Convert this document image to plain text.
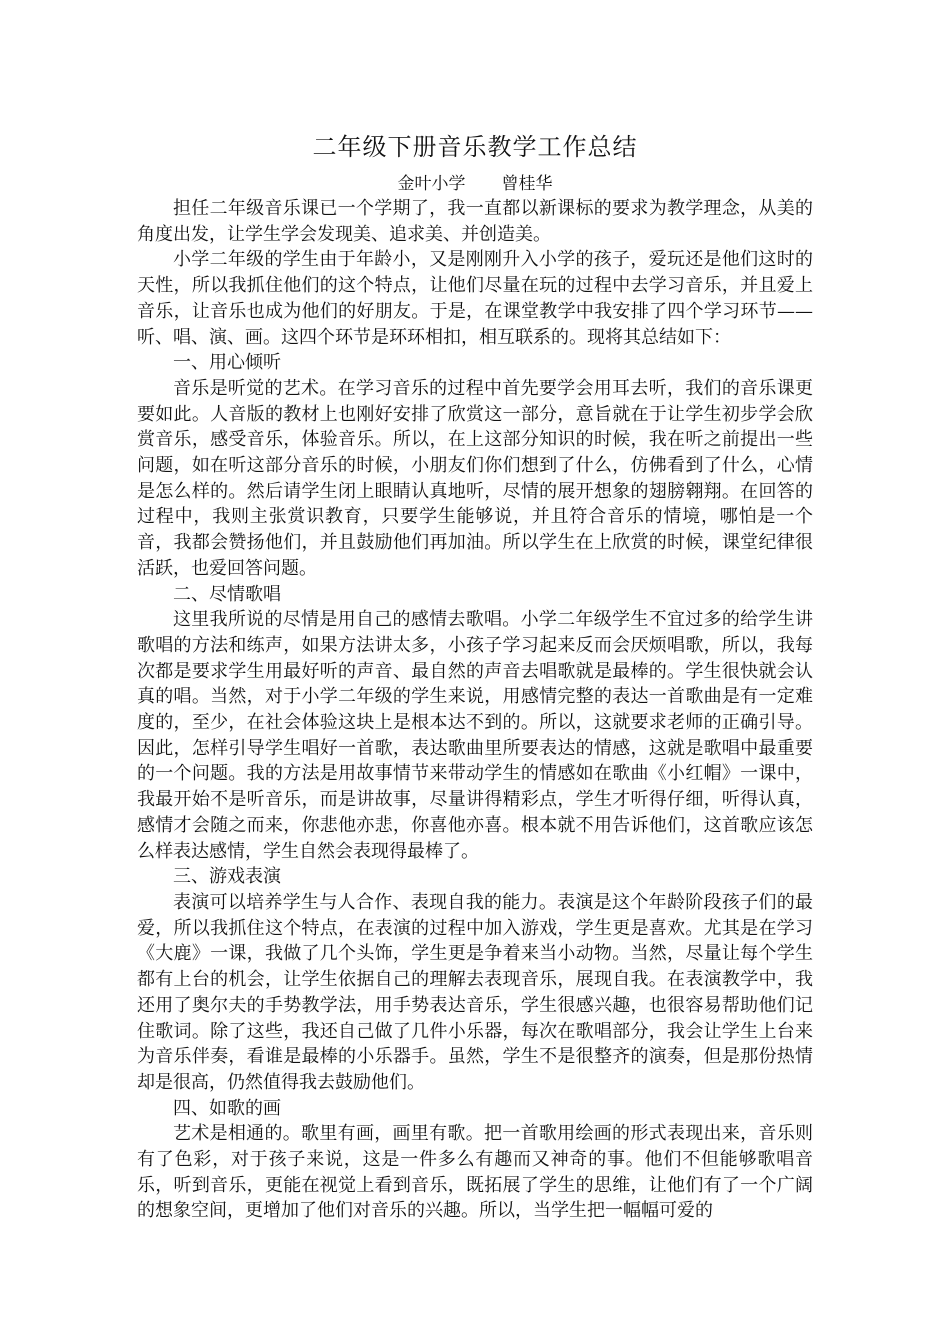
二年级下册音乐教学工作总结

金叶小学 曾桂华

担任二年级音乐课已一个学期了，我一直都以新课标的要求为教学理念，从美的角度出发，让学生学会发现美、追求美、并创造美。

小学二年级的学生由于年龄小，又是刚刚升入小学的孩子，爱玩还是他们这时的天性，所以我抓住他们的这个特点，让他们尽量在玩的过程中去学习音乐，并且爱上音乐，让音乐也成为他们的好朋友。于是，在课堂教学中我安排了四个学习环节——听、唱、演、画。这四个环节是环环相扣，相互联系的。现将其总结如下：

一、用心倾听

音乐是听觉的艺术。在学习音乐的过程中首先要学会用耳去听，我们的音乐课更要如此。人音版的教材上也刚好安排了欣赏这一部分，意旨就在于让学生初步学会欣赏音乐，感受音乐，体验音乐。所以，在上这部分知识的时候，我在听之前提出一些问题，如在听这部分音乐的时候，小朋友们你们想到了什么，仿佛看到了什么，心情是怎么样的。然后请学生闭上眼睛认真地听，尽情的展开想象的翅膀翱翔。在回答的过程中，我则主张赏识教育，只要学生能够说，并且符合音乐的情境，哪怕是一个音，我都会赞扬他们，并且鼓励他们再加油。所以学生在上欣赏的时候，课堂纪律很活跃，也爱回答问题。

二、尽情歌唱

这里我所说的尽情是用自己的感情去歌唱。小学二年级学生不宜过多的给学生讲歌唱的方法和练声，如果方法讲太多，小孩子学习起来反而会厌烦唱歌，所以，我每次都是要求学生用最好听的声音、最自然的声音去唱歌就是最棒的。学生很快就会认真的唱。当然，对于小学二年级的学生来说，用感情完整的表达一首歌曲是有一定难度的，至少，在社会体验这块上是根本达不到的。所以，这就要求老师的正确引导。因此，怎样引导学生唱好一首歌，表达歌曲里所要表达的情感，这就是歌唱中最重要的一个问题。我的方法是用故事情节来带动学生的情感如在歌曲《小红帽》一课中，我最开始不是听音乐，而是讲故事，尽量讲得精彩点，学生才听得仔细，听得认真，感情才会随之而来，你悲他亦悲，你喜他亦喜。根本就不用告诉他们，这首歌应该怎么样表达感情，学生自然会表现得最棒了。

三、游戏表演

表演可以培养学生与人合作、表现自我的能力。表演是这个年龄阶段孩子们的最爱，所以我抓住这个特点，在表演的过程中加入游戏，学生更是喜欢。尤其是在学习《大鹿》一课，我做了几个头饰，学生更是争着来当小动物。当然，尽量让每个学生都有上台的机会，让学生依据自己的理解去表现音乐，展现自我。在表演教学中，我还用了奥尔夫的手势教学法，用手势表达音乐，学生很感兴趣，也很容易帮助他们记住歌词。除了这些，我还自己做了几件小乐器，每次在歌唱部分，我会让学生上台来为音乐伴奏，看谁是最棒的小乐器手。虽然，学生不是很整齐的演奏，但是那份热情却是很高，仍然值得我去鼓励他们。

四、如歌的画

艺术是相通的。歌里有画，画里有歌。把一首歌用绘画的形式表现出来，音乐则有了色彩，对于孩子来说，这是一件多么有趣而又神奇的事。他们不但能够歌唱音乐，听到音乐，更能在视觉上看到音乐，既拓展了学生的思维，让他们有了一个广阔的想象空间，更增加了他们对音乐的兴趣。所以，当学生把一幅幅可爱的
